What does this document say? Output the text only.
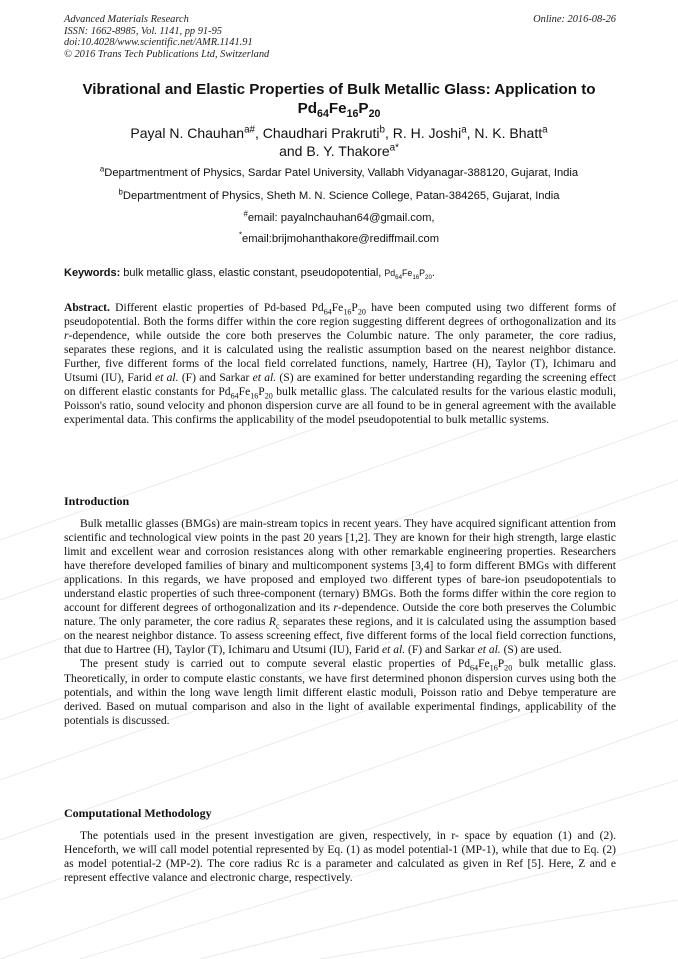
Advanced Materials Research
ISSN: 1662-8985, Vol. 1141, pp 91-95
doi:10.4028/www.scientific.net/AMR.1141.91
© 2016 Trans Tech Publications Ltd, Switzerland
Online: 2016-08-26
Vibrational and Elastic Properties of Bulk Metallic Glass: Application to
$Pd_{64}Fe_{16}P_{20}$
Payal N. Chauhan$^{a\#}$, Chaudhari Prakruti$^b$, R. H. Joshi$^a$, N. K. Bhatt$^a$
and B. Y. Thakore$^{a*}$
$^a$Departmentment of Physics, Sardar Patel University, Vallabh Vidyanagar-388120, Gujarat, India
$^b$Departmentment of Physics, Sheth M. N. Science College, Patan-384265, Gujarat, India
#email: payalnchauhan64@gmail.com,
*email:brijmohanthakore@rediffmail.com
Keywords: bulk metallic glass, elastic constant, pseudopotential, $Pd_{64}Fe_{16}P_{20}$.

Abstract. Different elastic properties of Pd-based $Pd_{64}Fe_{16}P_{20}$ have been computed using two different forms of pseudopotential. Both the forms differ within the core region suggesting different degrees of orthogonalization and its r-dependence, while outside the core both preserves the Columbic nature. The only parameter, the core radius, separates these regions, and it is calculated using the realistic assumption based on the nearest neighbor distance. Further, five different forms of the local field correlated functions, namely, Hartree (H), Taylor (T), Ichimaru and Utsumi (IU), Farid et al. (F) and Sarkar et al. (S) are examined for better understanding regarding the screening effect on different elastic constants for $Pd_{64}Fe_{16}P_{20}$ bulk metallic glass. The calculated results for the various elastic moduli, Poisson's ratio, sound velocity and phonon dispersion curve are all found to be in general agreement with the available experimental data. This confirms the applicability of the model pseudopotential to bulk metallic systems.

Introduction

Bulk metallic glasses (BMGs) are main-stream topics in recent years. They have acquired significant attention from scientific and technological view points in the past 20 years [1,2]. They are known for their high strength, large elastic limit and excellent wear and corrosion resistances along with other remarkable engineering properties. Researchers have therefore developed families of binary and multicomponent systems [3,4] to form different BMGs with different applications. In this regards, we have proposed and employed two different types of bare-ion pseudopotentials to understand elastic properties of such three-component (ternary) BMGs. Both the forms differ within the core region to account for different degrees of orthogonalization and its r-dependence. Outside the core both preserves the Columbic nature. The only parameter, the core radius $R_c$ separates these regions, and it is calculated using the assumption based on the nearest neighbor distance. To assess screening effect, five different forms of the local field correction functions, that due to Hartree (H), Taylor (T), Ichimaru and Utsumi (IU), Farid et al. (F) and Sarkar et al. (S) are used.

The present study is carried out to compute several elastic properties of $Pd_{64}Fe_{16}P_{20}$ bulk metallic glass. Theoretically, in order to compute elastic constants, we have first determined phonon dispersion curves using both the potentials, and within the long wave length limit different elastic moduli, Poisson ratio and Debye temperature are derived. Based on mutual comparison and also in the light of available experimental findings, applicability of the potentials is discussed.

Computational Methodology

The potentials used in the present investigation are given, respectively, in r- space by equation (1) and (2). Henceforth, we will call model potential represented by Eq. (1) as model potential-1 (MP-1), while that due to Eq. (2) as model potential-2 (MP-2). The core radius Rc is a parameter and calculated as given in Ref [5]. Here, Z and e represent effective valance and electronic charge, respectively.
